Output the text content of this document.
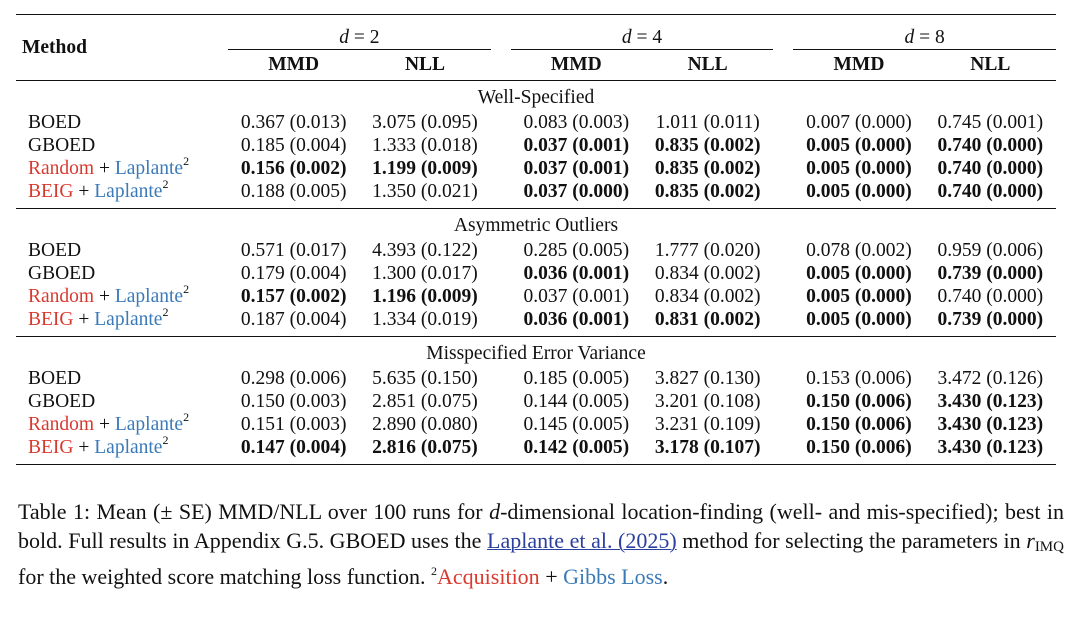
Method	d = 2			d = 4			d = 8	
	MMD	NLL		MMD	NLL		MMD	NLL
Well-Specified								
BOED	0.367 (0.013)	3.075 (0.095)		0.083 (0.003)	1.011 (0.011)		0.007 (0.000)	0.745 (0.001)
GBOED	0.185 (0.004)	1.333 (0.018)		0.037 (0.001)	0.835 (0.002)		0.005 (0.000)	0.740 (0.000)
Random + Laplante$^2$	0.156 (0.002)	1.199 (0.009)		0.037 (0.001)	0.835 (0.002)		0.005 (0.000)	0.740 (0.000)
BEIG + Laplante$^2$	0.188 (0.005)	1.350 (0.021)		0.037 (0.000)	0.835 (0.002)		0.005 (0.000)	0.740 (0.000)
Asymmetric Outliers								
BOED	0.571 (0.017)	4.393 (0.122)		0.285 (0.005)	1.777 (0.020)		0.078 (0.002)	0.959 (0.006)
GBOED	0.179 (0.004)	1.300 (0.017)		0.036 (0.001)	0.834 (0.002)		0.005 (0.000)	0.739 (0.000)
Random + Laplante$^2$	0.157 (0.002)	1.196 (0.009)		0.037 (0.001)	0.834 (0.002)		0.005 (0.000)	0.740 (0.000)
BEIG + Laplante$^2$	0.187 (0.004)	1.334 (0.019)		0.036 (0.001)	0.831 (0.002)		0.005 (0.000)	0.739 (0.000)
Misspecified Error Variance								
BOED	0.298 (0.006)	5.635 (0.150)		0.185 (0.005)	3.827 (0.130)		0.153 (0.006)	3.472 (0.126)
GBOED	0.150 (0.003)	2.851 (0.075)		0.144 (0.005)	3.201 (0.108)		0.150 (0.006)	3.430 (0.123)
Random + Laplante$^2$	0.151 (0.003)	2.890 (0.080)		0.145 (0.005)	3.231 (0.109)		0.150 (0.006)	3.430 (0.123)
BEIG + Laplante$^2$	0.147 (0.004)	2.816 (0.075)		0.142 (0.005)	3.178 (0.107)		0.150 (0.006)	3.430 (0.123)
Table 1: Mean (± SE) MMD/NLL over 100 runs for d-dimensional location-finding (well- and mis-specified); best in bold. Full results in Appendix G.5. GBOED uses the Laplante et al. (2025) method for selecting the parameters in $r_{IMQ}$ for the weighted score matching loss function. $^2$Acquisition + Gibbs Loss.
